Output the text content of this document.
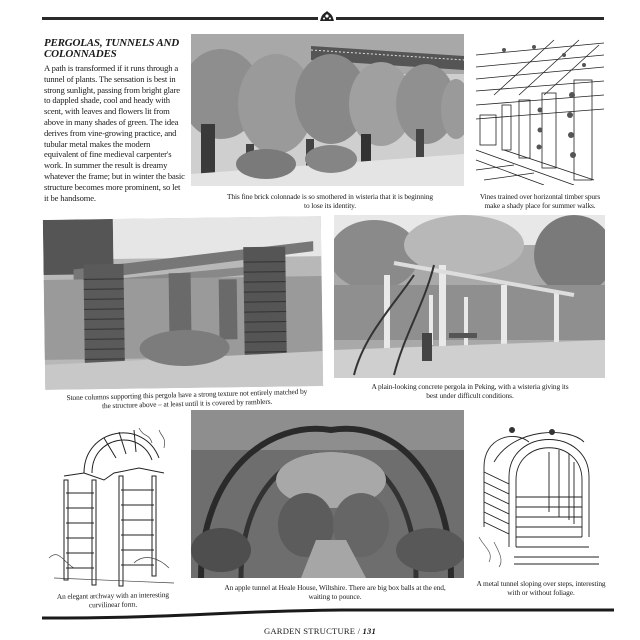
PERGOLAS, TUNNELS AND COLONNADES

A path is transformed if it runs through a tunnel of plants. The sensation is best in strong sunlight, passing from bright glare to dappled shade, cool and heady with scent, with leaves and flowers lit from above in many shades of green. The idea derives from vine-growing practice, and tubular metal makes the modern equivalent of fine medieval carpenter's work. In summer the result is dreamy whatever the frame; but in winter the basic structure becomes more prominent, so let it be handsome.	This fine brick colonnade is so smothered in wisteria that it is beginning to lose its identity.
Vines trained over horizontal timber spurs make a shady place for summer walks.
Stone columns supporting this pergola have a strong texture not entirely matched by the structure above – at least until it is covered by ramblers.
A plain-looking concrete pergola in Peking, with a wisteria giving its best under difficult conditions.
An elegant archway with an interesting curvilinear form.
An apple tunnel at Heale House, Wiltshire. There are big box balls at the end, waiting to pounce.
A metal tunnel sloping over steps, interesting with or without foliage.
GARDEN STRUCTURE / 131
